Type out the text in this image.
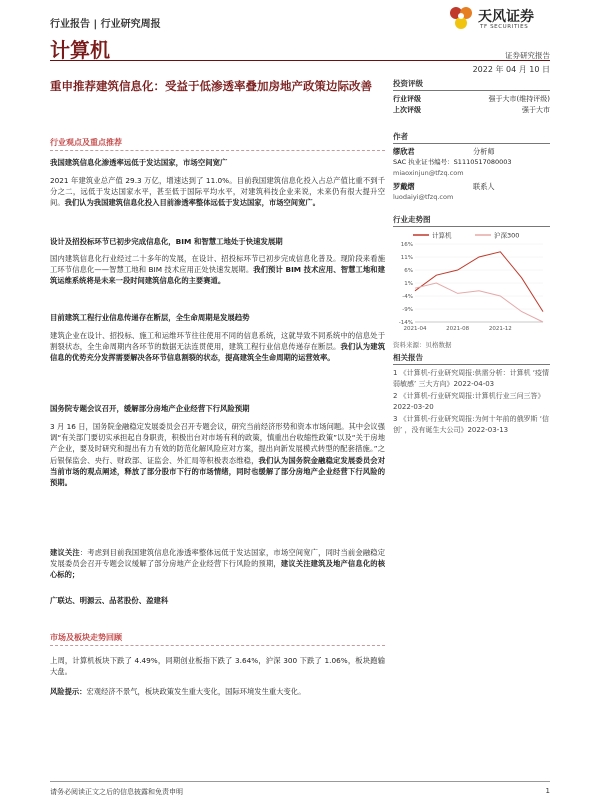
行业报告 | 行业研究周报
计算机
天风证券
TF SECURITIES
证券研究报告
2022 年 04 月 10 日
重申推荐建筑信息化：受益于低渗透率叠加房地产政策边际改善
行业观点及重点推荐
我国建筑信息化渗透率远低于发达国家，市场空间宽广
2021 年建筑业总产值 29.3 万亿，增速达到了 11.0%。目前我国建筑信息化投入占总产值比重不到千分之二，远低于发达国家水平，甚至低于国际平均水平，对建筑科技企业来说，未来仍有很大提升空间。我们认为我国建筑信息化投入目前渗透率整体远低于发达国家，市场空间宽广。
设计及招投标环节已初步完成信息化，BIM 和智慧工地处于快速发展期
国内建筑信息化行业经过二十多年的发展，在设计、招投标环节已初步完成信息化普及。现阶段来看施工环节信息化——智慧工地和 BIM 技术应用正处快速发展期。我们预计 BIM 技术应用、智慧工地和建筑运维系统将是未来一段时间建筑信息化的主要赛道。
目前建筑工程行业信息传递存在断层，全生命周期是发展趋势
建筑企业在设计、招投标、施工和运维环节往往使用不同的信息系统，这就导致不同系统中的信息处于割裂状态，全生命周期内各环节的数据无法连贯使用，建筑工程行业信息传递存在断层。我们认为建筑信息的优势充分发挥需要解决各环节信息割裂的状态，提高建筑全生命周期的运营效率。
国务院专题会议召开，缓解部分房地产企业经营下行风险预期
3 月 16 日，国务院金融稳定发展委员会召开专题会议，研究当前经济形势和资本市场问题。其中会议强调“有关部门要切实承担起自身职责，积极出台对市场有利的政策，慎重出台收缩性政策”以及“关于房地产企业，要及时研究和提出有力有效的防范化解风险应对方案，提出向新发展模式转型的配套措施。”之后银保监会、央行、财政部、证监会、外汇局等积极表态维稳，我们认为国务院金融稳定发展委员会对当前市场的观点阐述，释放了部分股市下行的市场情绪，同时也缓解了部分房地产企业经营下行风险的预期。
建议关注：考虑到目前我国建筑信息化渗透率整体远低于发达国家，市场空间宽广，同时当前金融稳定发展委员会召开专题会议缓解了部分房地产企业经营下行风险的预期，建议关注建筑及地产信息化的核心标的；
广联达、明源云、品茗股份、盈建科
市场及板块走势回顾
上周，计算机板块下跌了 4.49%，同期创业板指下跌了 3.64%，沪深 300 下跌了 1.06%，板块跑输大盘。
风险提示：宏观经济不景气，板块政策发生重大变化，国际环境发生重大变化。
投资评级
行业评级	强于大市(维持评级)
上次评级	强于大市
作者
缪欣君	分析师
SAC 执业证书编号：S1110517080003
miaoxinjun@tfzq.com
罗戴熠	联系人
luodaiyi@tfzq.com
行业走势图
计算机	沪深300
16%
11%
6%
1%
-4%
-9%
-14%
2021-04	2021-08	2021-12
资料来源：贝格数据
相关报告

1 《计算机-行业研究周报:供需分析：计算机 ‘疫情弱敏感’ 三大方向》2022-04-03

2 《计算机-行业研究周报:计算机行业三问三答》2022-03-20

3 《计算机-行业研究周报:为何十年前的俄罗斯 ‘信创’ ，没有诞生大公司》2022-03-13

请务必阅读正文之后的信息披露和免责申明	1
